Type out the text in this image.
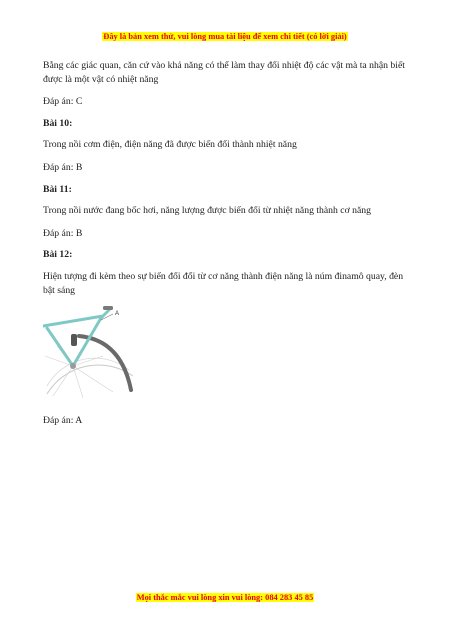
Đây là bản xem thử, vui lòng mua tài liệu để xem chi tiết (có lời giải)

Bằng các giác quan, căn cứ vào khả năng có thể làm thay đổi nhiệt độ các vật mà ta nhận biết được là một vật có nhiệt năng

Đáp án: C

Bài 10:

Trong nồi cơm điện, điện năng đã được biến đổi thành nhiệt năng

Đáp án: B

Bài 11:

Trong nồi nước đang bốc hơi, năng lượng được biến đổi từ nhiệt năng thành cơ năng

Đáp án: B

Bài 12:

Hiện tượng đi kèm theo sự biến đổi đổi từ cơ năng thành điện năng là núm đinamô quay, đèn bật sáng

A

Đáp án: A

Mọi thắc mắc vui lòng xin vui lòng: 084 283 45 85
